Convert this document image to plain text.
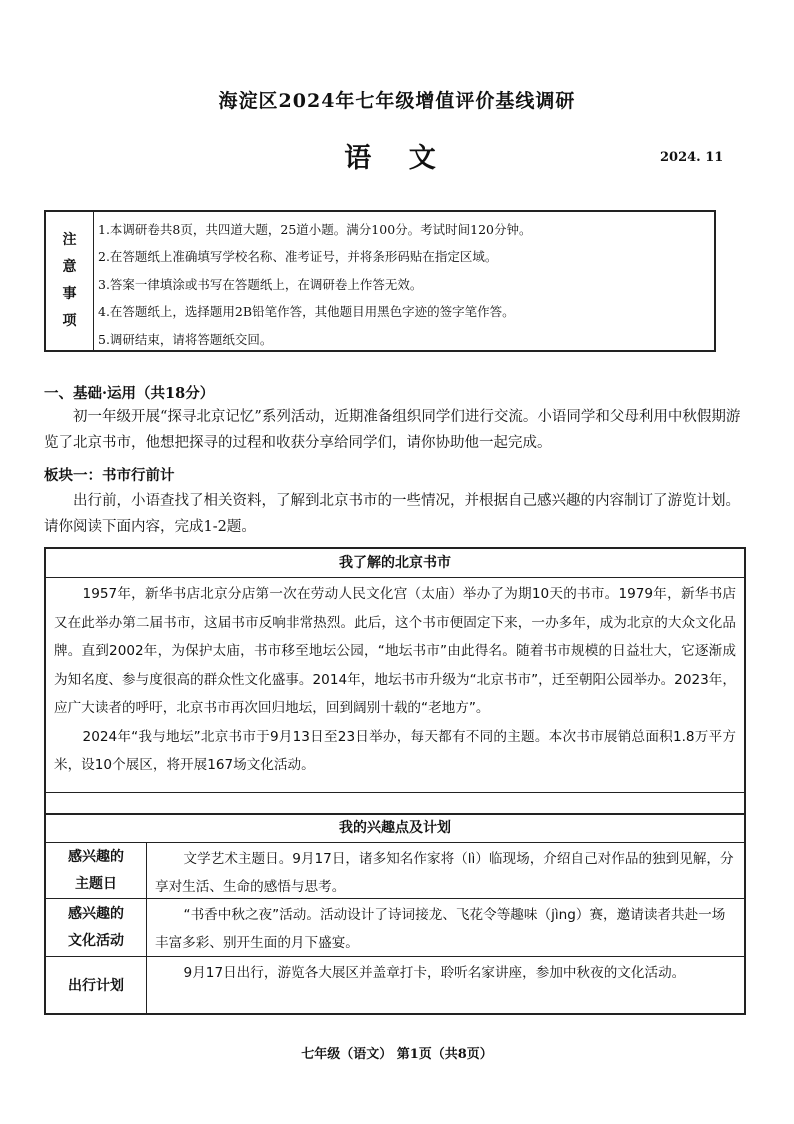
海淀区2024年七年级增值评价基线调研
语 文	2024. 11
注
意
事
项
1.本调研卷共8页，共四道大题，25道小题。满分100分。考试时间120分钟。
2.在答题纸上准确填写学校名称、准考证号，并将条形码贴在指定区域。
3.答案一律填涂或书写在答题纸上，在调研卷上作答无效。
4.在答题纸上，选择题用2B铅笔作答，其他题目用黑色字迹的签字笔作答。
5.调研结束，请将答题纸交回。
一、基础·运用（共18分）
初一年级开展“探寻北京记忆”系列活动，近期准备组织同学们进行交流。小语同学和父母利用中秋假期游览了北京书市，他想把探寻的过程和收获分享给同学们，请你协助他一起完成。
板块一：书市行前计
出行前，小语查找了相关资料，了解到北京书市的一些情况，并根据自己感兴趣的内容制订了游览计划。请你阅读下面内容，完成1-2题。
我了解的北京书市

1957年，新华书店北京分店第一次在劳动人民文化宫（太庙）举办了为期10天的书市。1979年，新华书店又在此举办第二届书市，这届书市反响非常热烈。此后，这个书市便固定下来，一办多年，成为北京的大众文化品牌。直到2002年，为保护太庙，书市移至地坛公园，“地坛书市”由此得名。随着书市规模的日益壮大，它逐渐成为知名度、参与度很高的群众性文化盛事。2014年，地坛书市升级为“北京书市”，迁至朝阳公园举办。2023年，应广大读者的呼吁，北京书市再次回归地坛，回到阔别十载的“老地方”。

2024年“我与地坛”北京书市于9月13日至23日举办，每天都有不同的主题。本次书市展销总面积1.8万平方米，设10个展区，将开展167场文化活动。

我的兴趣点及计划
感兴趣的
主题日
文学艺术主题日。9月17日，诸多知名作家将（lì）临现场，介绍自己对作品的独到见解，分享对生活、生命的感悟与思考。
感兴趣的
文化活动
“书香中秋之夜”活动。活动设计了诗词接龙、飞花令等趣味（jìng）赛，邀请读者共赴一场丰富多彩、别开生面的月下盛宴。
出行计划
9月17日出行，游览各大展区并盖章打卡，聆听名家讲座，参加中秋夜的文化活动。
七年级（语文） 第1页（共8页）
